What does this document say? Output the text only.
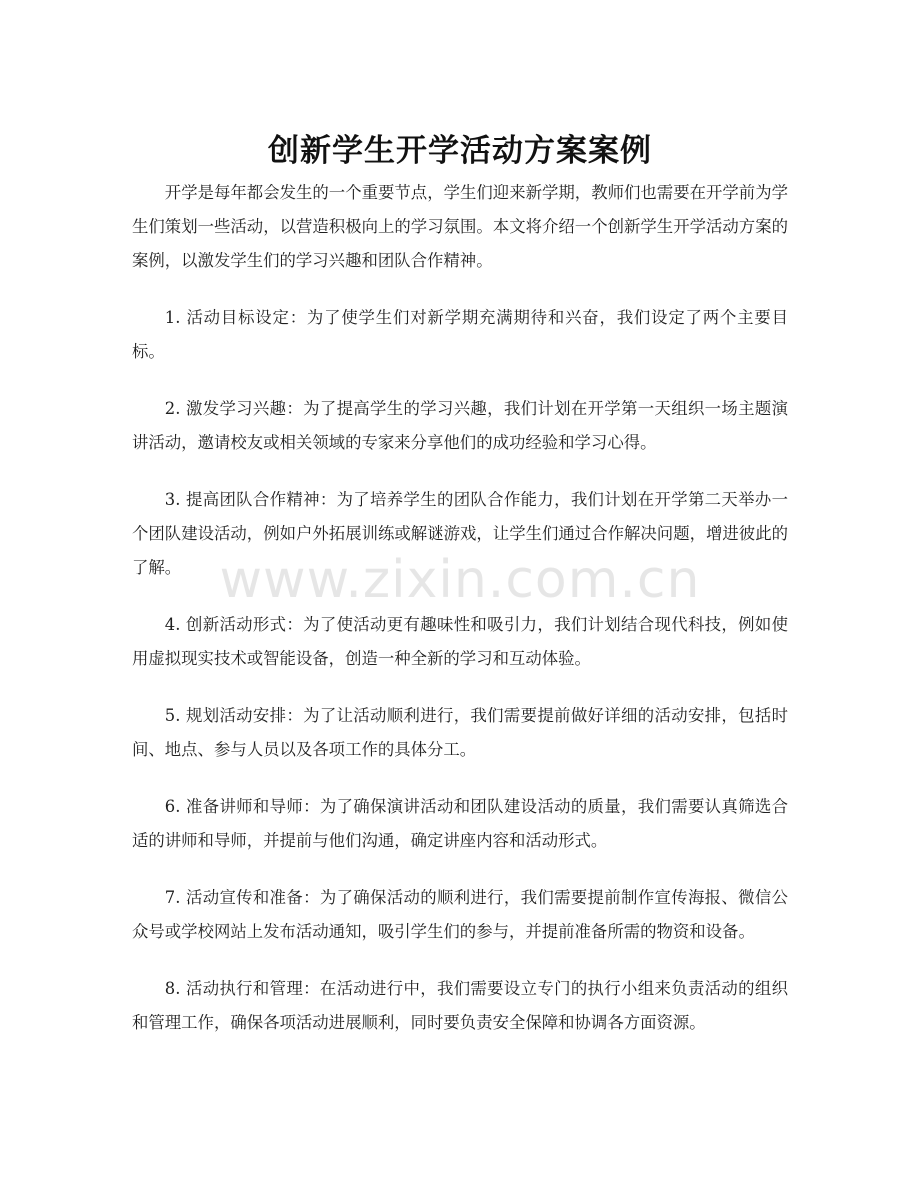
创新学生开学活动方案案例

开学是每年都会发生的一个重要节点，学生们迎来新学期，教师们也需要在开学前为学生们策划一些活动，以营造积极向上的学习氛围。本文将介绍一个创新学生开学活动方案的案例，以激发学生们的学习兴趣和团队合作精神。

1. 活动目标设定：为了使学生们对新学期充满期待和兴奋，我们设定了两个主要目标。

2. 激发学习兴趣：为了提高学生的学习兴趣，我们计划在开学第一天组织一场主题演讲活动，邀请校友或相关领域的专家来分享他们的成功经验和学习心得。

3. 提高团队合作精神：为了培养学生的团队合作能力，我们计划在开学第二天举办一个团队建设活动，例如户外拓展训练或解谜游戏，让学生们通过合作解决问题，增进彼此的了解。

4. 创新活动形式：为了使活动更有趣味性和吸引力，我们计划结合现代科技，例如使用虚拟现实技术或智能设备，创造一种全新的学习和互动体验。

5. 规划活动安排：为了让活动顺利进行，我们需要提前做好详细的活动安排，包括时间、地点、参与人员以及各项工作的具体分工。

6. 准备讲师和导师：为了确保演讲活动和团队建设活动的质量，我们需要认真筛选合适的讲师和导师，并提前与他们沟通，确定讲座内容和活动形式。

7. 活动宣传和准备：为了确保活动的顺利进行，我们需要提前制作宣传海报、微信公众号或学校网站上发布活动通知，吸引学生们的参与，并提前准备所需的物资和设备。

8. 活动执行和管理：在活动进行中，我们需要设立专门的执行小组来负责活动的组织和管理工作，确保各项活动进展顺利，同时要负责安全保障和协调各方面资源。

www.zixin.com.cn
